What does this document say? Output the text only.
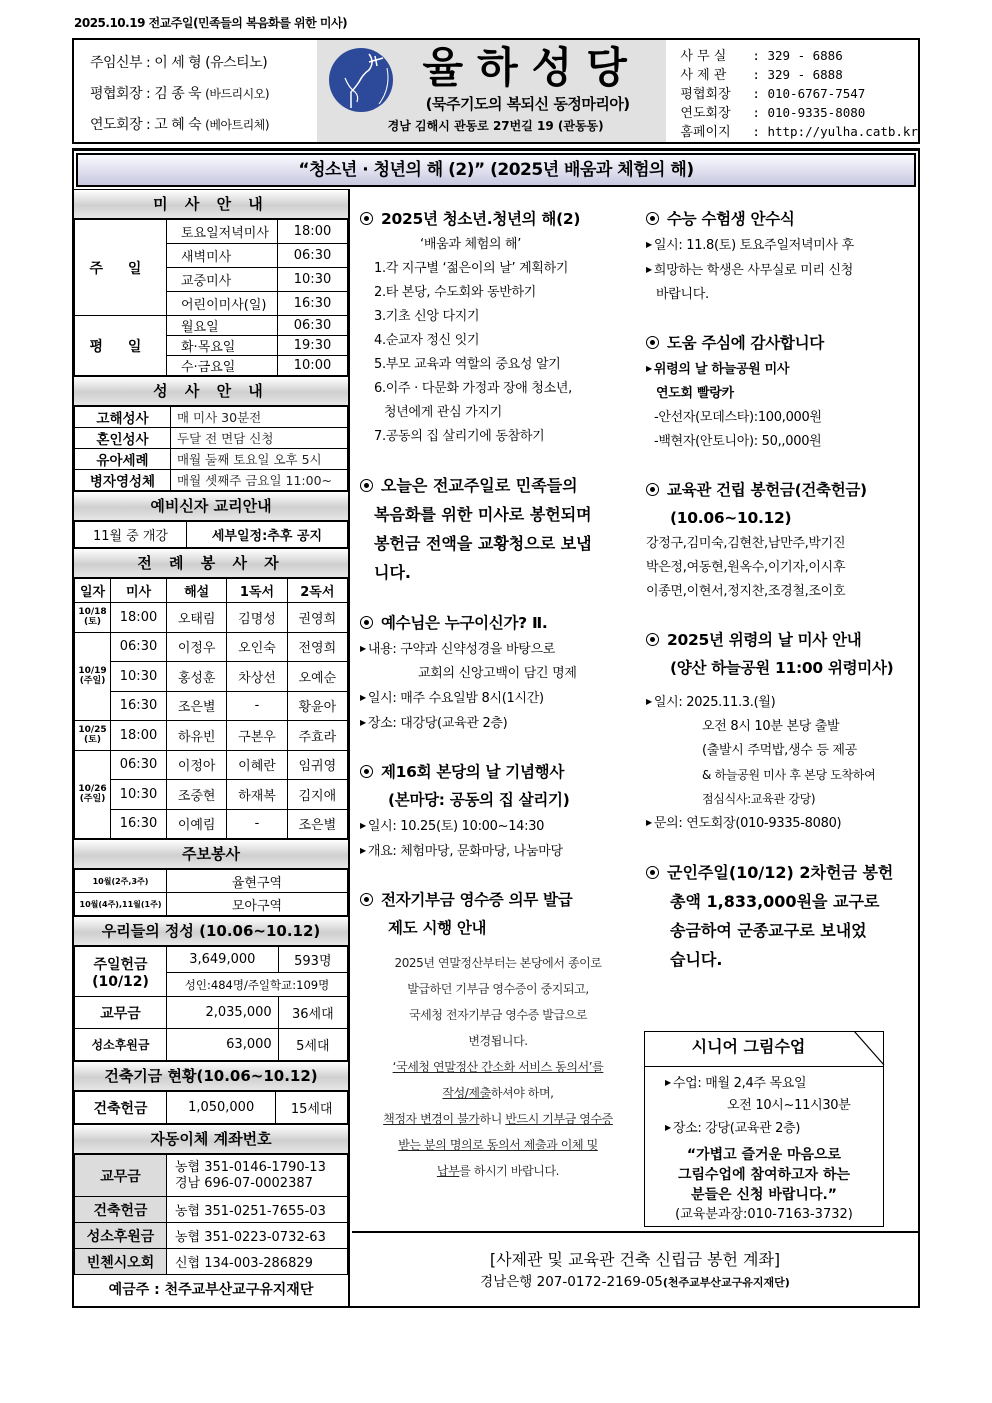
2025.10.19 전교주일(민족들의 복음화를 위한 미사)
주임신부 : 이 세 형 (유스티노)
평협회장 : 김 종 욱 (바드리시오)
연도회장 : 고 혜 숙 (베아트리체)
율하성당
(묵주기도의 복되신 동정마리아)
경남 김해시 관동로 27번길 19 (관동동)
사 무 실 : 329 - 6886
사 제 관 : 329 - 6888
평협회장 : 010-6767-7547
연도회장 : 010-9335-8080
홈페이지 : http://yulha.catb.kr
“청소년 · 청년의 해 (2)” (2025년 배움과 체험의 해)
미 사 안 내
주 일	토요일저녁미사	18:00
	새벽미사	06:30
	교중미사	10:30
	어린이미사(일)	16:30
평 일	월요일	06:30
	화·목요일	19:30
	수·금요일	10:00
성 사 안 내
고해성사	매 미사 30분전
혼인성사	두달 전 면담 신청
유아세례	매월 둘째 토요일 오후 5시
병자영성체	매월 셋째주 금요일 11:00~
예비신자 교리안내
11월 중 개강	세부일정:추후 공지
전 례 봉 사 자
일자	미사	해설	1독서	2독서
10/18
(토)	18:00	오태림	김명성	권영희
10/19
(주일)	06:30	이정우	오인숙	전영희
	10:30	홍성훈	차상선	오예순
	16:30	조은별	-	황윤아
10/25
(토)	18:00	하유빈	구본우	주효라
10/26
(주일)	06:30	이정아	이혜란	임귀영
	10:30	조중현	하재복	김지애
	16:30	이예림	-	조은별
주보봉사
10월(2주,3주)	율현구역
10월(4주),11월(1주)	모아구역
우리들의 정성 (10.06~10.12)
주일헌금
(10/12)	3,649,000	593명
	성인:484명/주일학교:109명	
교무금	2,035,000	36세대
성소후원금	63,000	5세대
건축기금 현황(10.06~10.12)
건축헌금	1,050,000	15세대
자동이체 계좌번호
교무금	농협 351-0146-1790-13
경남 696-07-0002387
건축헌금	농협 351-0251-7655-03
성소후원금	농협 351-0223-0732-63
빈첸시오회	신협 134-003-286829
예금주 : 천주교부산교구유지재단
2025년 청소년.청년의 해(2)
‘배움과 체험의 해’
1.각 지구별 ‘젊은이의 날’ 계획하기
2.타 본당, 수도회와 동반하기
3.기초 신앙 다지기
4.순교자 정신 잇기
5.부모 교육과 역할의 중요성 알기
6.이주 · 다문화 가정과 장애 청소년,
청년에게 관심 가지기
7.공동의 집 살리기에 동참하기
오늘은 전교주일로 민족들의
복음화를 위한 미사로 봉헌되며
봉헌금 전액을 교황청으로 보냅
니다.
예수님은 누구이신가? Ⅱ.
▶ 내용: 구약과 신약성경을 바탕으로
교회의 신앙고백이 담긴 명제
▶ 일시: 매주 수요일밤 8시(1시간)
▶ 장소: 대강당(교육관 2층)
제16회 본당의 날 기념행사
(본마당: 공동의 집 살리기)
▶ 일시: 10.25(토) 10:00~14:30
▶ 개요: 체험마당, 문화마당, 나눔마당
전자기부금 영수증 의무 발급
제도 시행 안내
2025년 연말정산부터는 본당에서 종이로
발급하던 기부금 영수증이 중지되고,
국세청 전자기부금 영수증 발급으로
변경됩니다.
‘국세청 연말정산 간소화 서비스 동의서’를
작성/제출하셔야 하며,
책정자 변경이 불가하니 반드시 기부금 영수증
받는 분의 명의로 동의서 제출과 이체 및
납부를 하시기 바랍니다.
수능 수험생 안수식
▶ 일시: 11.8(토) 토요주일저녁미사 후
▶ 희망하는 학생은 사무실로 미리 신청
바랍니다.
도움 주심에 감사합니다
▶ 위령의 날 하늘공원 미사
연도회 빨랑카
-안선자(모데스타):100,000원
-백현자(안토니아): 50,,000원
교육관 건립 봉헌금(건축헌금)
(10.06~10.12)
강정구,김미숙,김현찬,남만주,박기진
박은정,여동현,원옥수,이기자,이시후
이종면,이현서,정지찬,조경철,조이호
2025년 위령의 날 미사 안내
(양산 하늘공원 11:00 위령미사)
▶ 일시: 2025.11.3.(월)
오전 8시 10분 본당 출발
(출발시 주먹밥,생수 등 제공
& 하늘공원 미사 후 본당 도착하여
점심식사:교육관 강당)
▶ 문의: 연도회장(010-9335-8080)
군인주일(10/12) 2차헌금 봉헌
총액 1,833,000원을 교구로
송금하여 군종교구로 보내었
습니다.
시니어 그림수업
▶ 수업: 매월 2,4주 목요일
오전 10시~11시30분
▶ 장소: 강당(교육관 2층)
“가볍고 즐거운 마음으로
그림수업에 참여하고자 하는
분들은 신청 바랍니다.”
(교육분과장:010-7163-3732)
[사제관 및 교육관 건축 신립금 봉헌 계좌]
경남은행 207-0172-2169-05(천주교부산교구유지재단)
